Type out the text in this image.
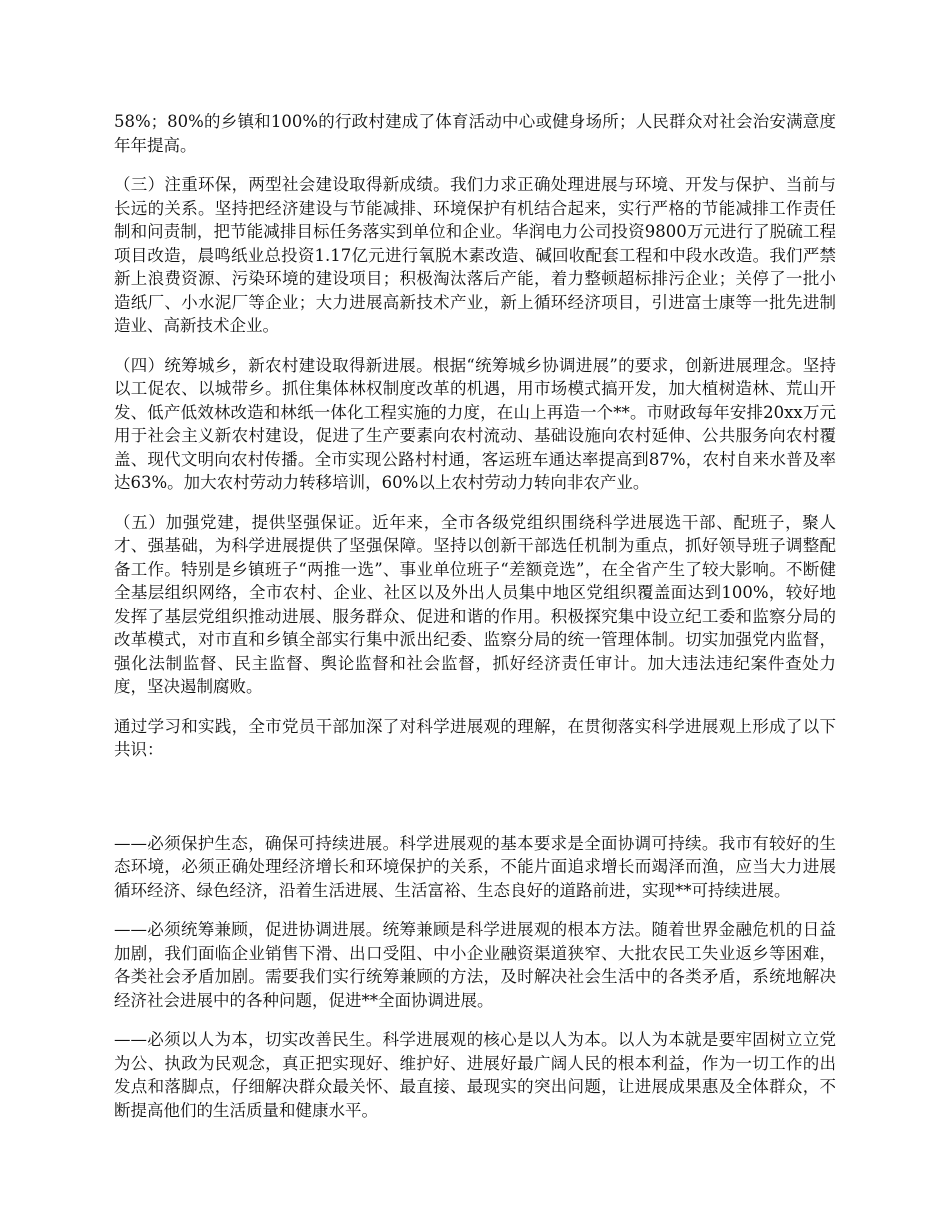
58%；80%的乡镇和100%的行政村建成了体育活动中心或健身场所；人民群众对社会治安满意度年年提高。

（三）注重环保，两型社会建设取得新成绩。我们力求正确处理进展与环境、开发与保护、当前与长远的关系。坚持把经济建设与节能减排、环境保护有机结合起来，实行严格的节能减排工作责任制和问责制，把节能减排目标任务落实到单位和企业。华润电力公司投资9800万元进行了脱硫工程项目改造，晨鸣纸业总投资1.17亿元进行氧脱木素改造、碱回收配套工程和中段水改造。我们严禁新上浪费资源、污染环境的建设项目；积极淘汰落后产能，着力整顿超标排污企业；关停了一批小造纸厂、小水泥厂等企业；大力进展高新技术产业，新上循环经济项目，引进富士康等一批先进制造业、高新技术企业。

（四）统筹城乡，新农村建设取得新进展。根据“统筹城乡协调进展”的要求，创新进展理念。坚持以工促农、以城带乡。抓住集体林权制度改革的机遇，用市场模式搞开发，加大植树造林、荒山开发、低产低效林改造和林纸一体化工程实施的力度，在山上再造一个**。市财政每年安排20xx万元用于社会主义新农村建设，促进了生产要素向农村流动、基础设施向农村延伸、公共服务向农村覆盖、现代文明向农村传播。全市实现公路村村通，客运班车通达率提高到87%，农村自来水普及率达63%。加大农村劳动力转移培训，60%以上农村劳动力转向非农产业。

（五）加强党建，提供坚强保证。近年来，全市各级党组织围绕科学进展选干部、配班子，聚人才、强基础，为科学进展提供了坚强保障。坚持以创新干部选任机制为重点，抓好领导班子调整配备工作。特别是乡镇班子“两推一选”、事业单位班子“差额竞选”，在全省产生了较大影响。不断健全基层组织网络，全市农村、企业、社区以及外出人员集中地区党组织覆盖面达到100%，较好地发挥了基层党组织推动进展、服务群众、促进和谐的作用。积极探究集中设立纪工委和监察分局的改革模式，对市直和乡镇全部实行集中派出纪委、监察分局的统一管理体制。切实加强党内监督，强化法制监督、民主监督、舆论监督和社会监督，抓好经济责任审计。加大违法违纪案件查处力度，坚决遏制腐败。

通过学习和实践，全市党员干部加深了对科学进展观的理解，在贯彻落实科学进展观上形成了以下共识：

——必须保护生态，确保可持续进展。科学进展观的基本要求是全面协调可持续。我市有较好的生态环境，必须正确处理经济增长和环境保护的关系，不能片面追求增长而竭泽而渔，应当大力进展循环经济、绿色经济，沿着生活进展、生活富裕、生态良好的道路前进，实现**可持续进展。

——必须统筹兼顾，促进协调进展。统筹兼顾是科学进展观的根本方法。随着世界金融危机的日益加剧，我们面临企业销售下滑、出口受阻、中小企业融资渠道狭窄、大批农民工失业返乡等困难，各类社会矛盾加剧。需要我们实行统筹兼顾的方法，及时解决社会生活中的各类矛盾，系统地解决经济社会进展中的各种问题，促进**全面协调进展。

——必须以人为本，切实改善民生。科学进展观的核心是以人为本。以人为本就是要牢固树立立党为公、执政为民观念，真正把实现好、维护好、进展好最广阔人民的根本利益，作为一切工作的出发点和落脚点，仔细解决群众最关怀、最直接、最现实的突出问题，让进展成果惠及全体群众，不断提高他们的生活质量和健康水平。
